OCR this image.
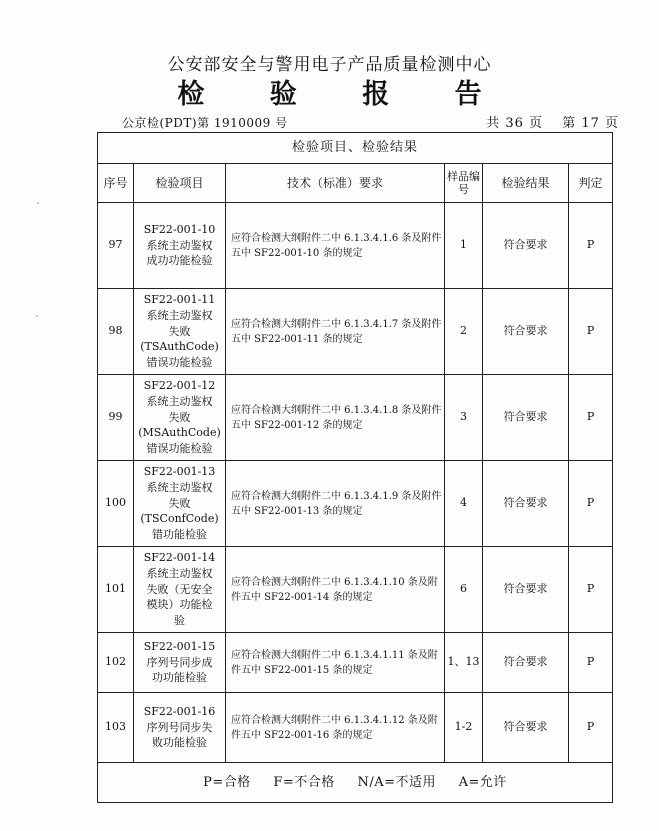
公安部安全与警用电子产品质量检测中心
检 验 报 告
公京检(PDT)第 1910009 号	共 36 页 第 17 页
检验项目、检验结果					
序号	检验项目	技术（标准）要求	样品编号	检验结果	判定
97	SF22-001-10
系统主动鉴权
成功功能检验	应符合检测大纲附件二中 6.1.3.4.1.6 条及附件五中 SF22-001-10 条的规定	1	符合要求	P
98	SF22-001-11
系统主动鉴权
失败
(TSAuthCode)
错误功能检验	应符合检测大纲附件二中 6.1.3.4.1.7 条及附件五中 SF22-001-11 条的规定	2	符合要求	P
99	SF22-001-12
系统主动鉴权
失败
(MSAuthCode)
错误功能检验	应符合检测大纲附件二中 6.1.3.4.1.8 条及附件五中 SF22-001-12 条的规定	3	符合要求	P
100	SF22-001-13
系统主动鉴权
失败
(TSConfCode)
错功能检验	应符合检测大纲附件二中 6.1.3.4.1.9 条及附件五中 SF22-001-13 条的规定	4	符合要求	P
101	SF22-001-14
系统主动鉴权
失败（无安全
模块）功能检
验	应符合检测大纲附件二中 6.1.3.4.1.10 条及附件五中 SF22-001-14 条的规定	6	符合要求	P
102	SF22-001-15
序列号同步成
功功能检验	应符合检测大纲附件二中 6.1.3.4.1.11 条及附件五中 SF22-001-15 条的规定	1、13	符合要求	P
103	SF22-001-16
序列号同步失
败功能检验	应符合检测大纲附件二中 6.1.3.4.1.12 条及附件五中 SF22-001-16 条的规定	1-2	符合要求	P
P=合格 F=不合格 N/A=不适用 A=允许					
